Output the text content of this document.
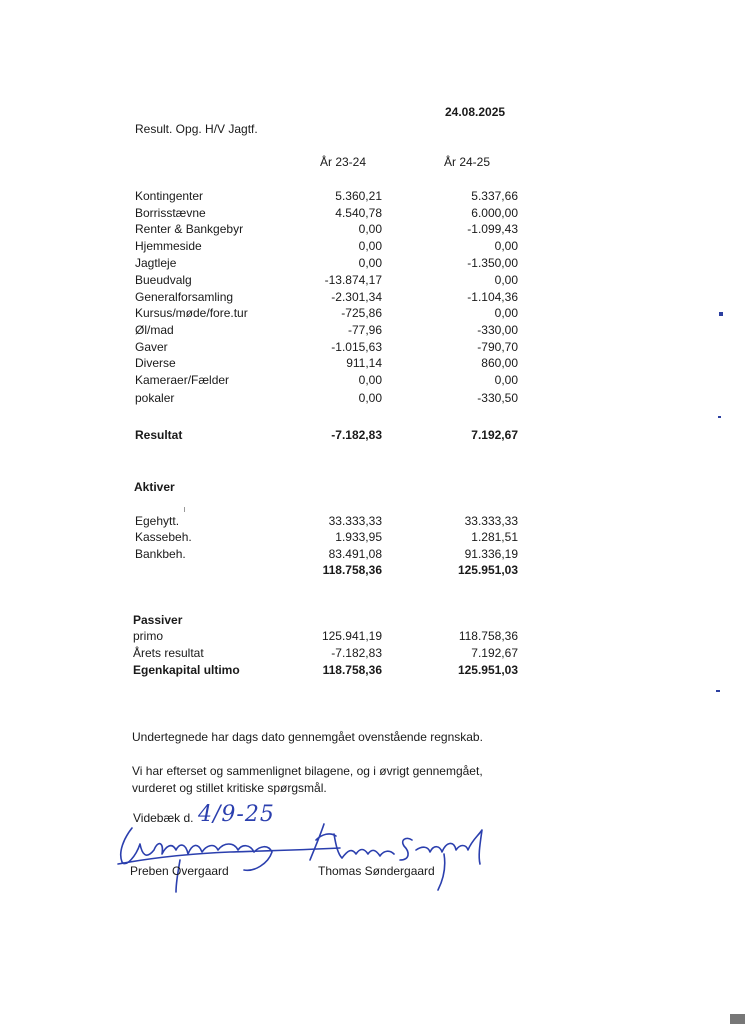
24.08.2025
Result. Opg. H/V Jagtf.
År 23-24	År 24-25
Kontingenter	5.360,21	5.337,66
Borrisstævne	4.540,78	6.000,00
Renter & Bankgebyr	0,00	-1.099,43
Hjemmeside	0,00	0,00
Jagtleje	0,00	-1.350,00
Bueudvalg	-13.874,17	0,00
Generalforsamling	-2.301,34	-1.104,36
Kursus/møde/fore.tur	-725,86	0,00
Øl/mad	-77,96	-330,00
Gaver	-1.015,63	-790,70
Diverse	911,14	860,00
Kameraer/Fælder	0,00	0,00
pokaler	0,00	-330,50
Resultat	-7.182,83	7.192,67
Aktiver
Egehytt.	33.333,33	33.333,33
Kassebeh.	1.933,95	1.281,51
Bankbeh.	83.491,08	91.336,19
118.758,36	125.951,03
Passiver
primo	125.941,19	118.758,36
Årets resultat	-7.182,83	7.192,67
Egenkapital ultimo	118.758,36	125.951,03
Undertegnede har dags dato gennemgået ovenstående regnskab.
Vi har efterset og sammenlignet bilagene, og i øvrigt gennemgået,
vurderet og stillet kritiske spørgsmål.
Videbæk d. 4/9-25
Preben Overgaard	Thomas Søndergaard
